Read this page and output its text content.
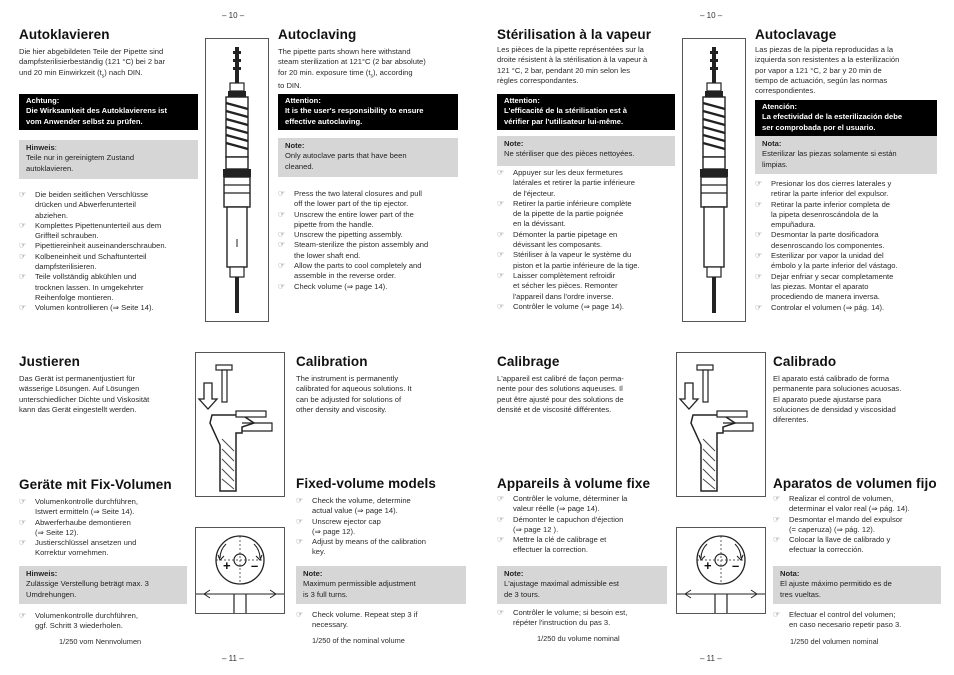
– 10 –	– 10 –
– 11 –	– 11 –
Autoklavieren
Die hier abgebildeten Teile der Pipette sind
dampfsterilisierbeständig (121 °C) bei 2 bar
und 20 min Einwirkzeit $(t_s)$ nach DIN.
Achtung:
Die Wirksamkeit des Autoklavierens ist
vom Anwender selbst zu prüfen.
Hinweis:
Teile nur in gereinigtem Zustand
autoklavieren.
☞ Die beiden seitlichen Verschlüsse
drücken und Abwerferunterteil
abziehen.
☞ Komplettes Pipettenunterteil aus dem
Griffteil schrauben.
☞ Pipettiereinheit auseinanderschrauben.
☞ Kolbeneinheit und Schaftunterteil
dampfsterilisieren.
☞ Teile vollständig abkühlen und
trocknen lassen. In umgekehrter
Reihenfolge montieren.
☞ Volumen kontrollieren (⇒ Seite 14).
Autoclaving
The pipette parts shown here withstand
steam sterilization at 121°C (2 bar absolute)
for 20 min. exposure time $(t_s)$, according
to DIN.
Attention:
It is the user's responsibility to ensure
effective autoclaving.
Note:
Only autoclave parts that have been
cleaned.
☞ Press the two lateral closures and pull
off the lower part of the tip ejector.
☞ Unscrew the entire lower part of the
pipette from the handle.
☞ Unscrew the pipetting assembly.
☞ Steam-sterilize the piston assembly and
the lower shaft end.
☞ Allow the parts to cool completely and
assemble in the reverse order.
☞ Check volume (⇒ page 14).
Stérilisation à la vapeur
Les pièces de la pipette représentées sur la
droite résistent à la stérilisation à la vapeur à
121 °C, 2 bar, pendant 20 min selon les
règles correspondantes.
Attention:
L'efficacité de la stérilisation est à
vérifier par l'utilisateur lui-même.
Note:
Ne stériliser que des pièces nettoyées.
☞ Appuyer sur les deux fermetures
latérales et retirer la partie inférieure
de l'éjecteur.
☞ Retirer la partie inférieure complète
de la pipette de la partie poignée
en la dévissant.
☞ Démonter la partie pipetage en
dévissant les composants.
☞ Stériliser à la vapeur le système du
piston et la partie inférieure de la tige.
☞ Laisser complètement refroidir
et sécher les pièces. Remonter
l'appareil dans l'ordre inverse.
☞ Contrôler le volume (⇒ page 14).
Autoclavage
Las piezas de la pipeta reproducidas a la
izquierda son resistentes a la esterilización
por vapor a 121 °C, 2 bar y 20 min de
tiempo de actuación, según las normas
correspondientes.
Atención:
La efectividad de la esterilización debe
ser comprobada por el usuario.
Nota:
Esterilizar las piezas solamente si están
limpias.
☞ Presionar los dos cierres laterales y
retirar la parte inferior del expulsor.
☞ Retirar la parte inferior completa de
la pipeta desenroscándola de la
empuñadura.
☞ Desmontar la parte dosificadora
desenroscando los componentes.
☞ Esterilizar por vapor la unidad del
émbolo y la parte inferior del vástago.
☞ Dejar enfriar y secar completamente
las piezas. Montar el aparato
procediendo de manera inversa.
☞ Controlar el volumen (⇒ pág. 14).
Justieren
Das Gerät ist permanentjustiert für
wässerige Lösungen. Auf Lösungen
unterschiedlicher Dichte und Viskosität
kann das Gerät eingestellt werden.
Calibration
The instrument is permanently
calibrated for aqueous solutions. It
can be adjusted for solutions of
other density and viscosity.
Calibrage
L'appareil est calibré de façon perma-
nente pour des solutions aqueuses. Il
peut être ajusté pour des solutions de
densité et de viscosité différentes.
Calibrado
El aparato está calibrado de forma
permanente para soluciones acuosas.
El aparato puede ajustarse para
soluciones de densidad y viscosidad
diferentes.
Geräte mit Fix-Volumen
☞ Volumenkontrolle durchführen,
Istwert ermitteln (⇒ Seite 14).
☞ Abwerferhaube demontieren
(⇒ Seite 12).
☞ Justierschlüssel ansetzen und
Korrektur vornehmen.
Hinweis:
Zulässige Verstellung beträgt max. 3
Umdrehungen.
☞ Volumenkontrolle durchführen,
ggf. Schritt 3 wiederholen.
+ –
1/250 vom Nennvolumen
Fixed-volume models
☞ Check the volume, determine
actual value (⇒ page 14).
☞ Unscrew ejector cap
(⇒ page 12).
☞ Adjust by means of the calibration
key.
Note:
Maximum permissible adjustment
is 3 full turns.
☞ Check volume. Repeat step 3 if
necessary.
1/250 of the nominal volume
Appareils à volume fixe
☞ Contrôler le volume, déterminer la
valeur réelle (⇒ page 14).
☞ Démonter le capuchon d'éjection
(⇒ page 12 ).
☞ Mettre la clé de calibrage et
effectuer la correction.
Note:
L'ajustage maximal admissible est
de 3 tours.
☞ Contrôler le volume; si besoin est,
répéter l'instruction du pas 3.
1/250 du volume nominal
+ –
Aparatos de volumen fijo
☞ Realizar el control de volumen,
determinar el valor real (⇒ pág. 14).
☞ Desmontar el mando del expulsor
(= caperuza) (⇒ pág. 12).
☞ Colocar la llave de calibrado y
efectuar la corrección.
Nota:
El ajuste máximo permitido es de
tres vueltas.
☞ Efectuar el control del volumen;
en caso necesario repetir paso 3.
1/250 del volumen nominal
